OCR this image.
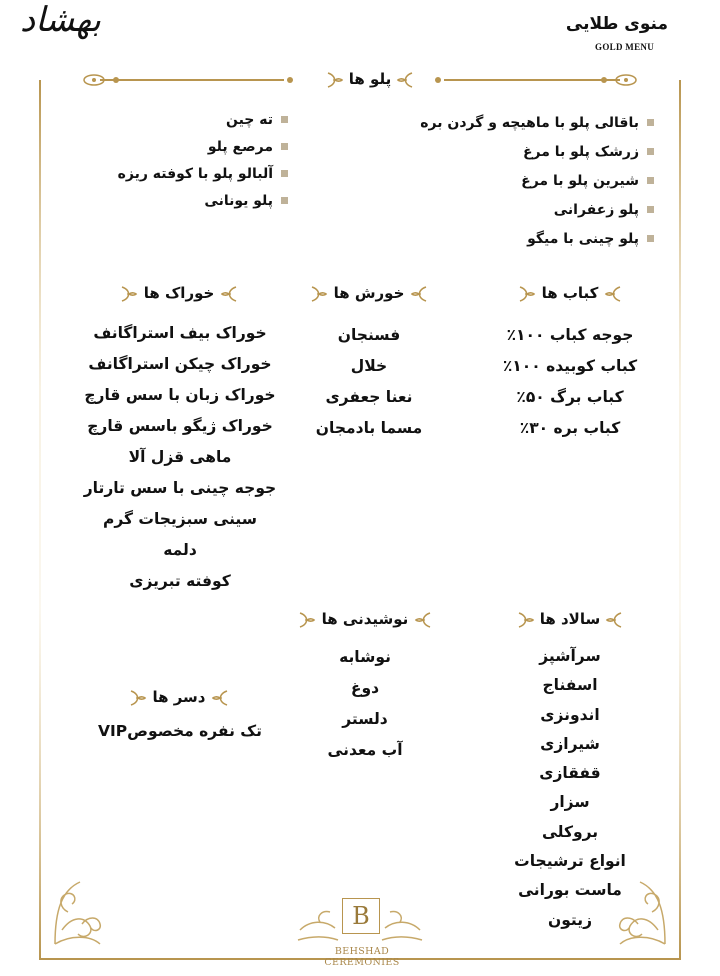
بهشاد	منوی طلایی
GOLD MENU
پلو ها
باقالی پلو با ماهیچه و گردن بره
زرشک پلو با مرغ
شیرین پلو با مرغ
پلو زعفرانی
پلو چینی با میگو
ته چین
مرصع پلو
آلبالو پلو با کوفته ریزه
پلو یونانی
کباب ها
خورش ها
خوراک ها
جوجه کباب ۱۰۰٪
کباب کوبیده ۱۰۰٪
کباب برگ ۵۰٪
کباب بره ۳۰٪
فسنجان
خلال
نعنا جعفری
مسما بادمجان
خوراک بیف استراگانف
خوراک چیکن استراگانف
خوراک زبان با سس قارچ
خوراک ژیگو باسس قارچ
ماهی قزل آلا
جوجه چینی با سس تارتار
سینی سبزیجات گرم
دلمه
کوفته تبریزی
سالاد ها
نوشیدنی ها
دسر ها
سرآشپز
اسفناج
اندونزی
شیرازی
قفقازی
سزار
بروکلی
انواع ترشیجات
ماست بورانی
زیتون
نوشابه
دوغ
دلستر
آب معدنی
تک نفره مخصوصVIP
B
BEHSHAD CEREMONIES
